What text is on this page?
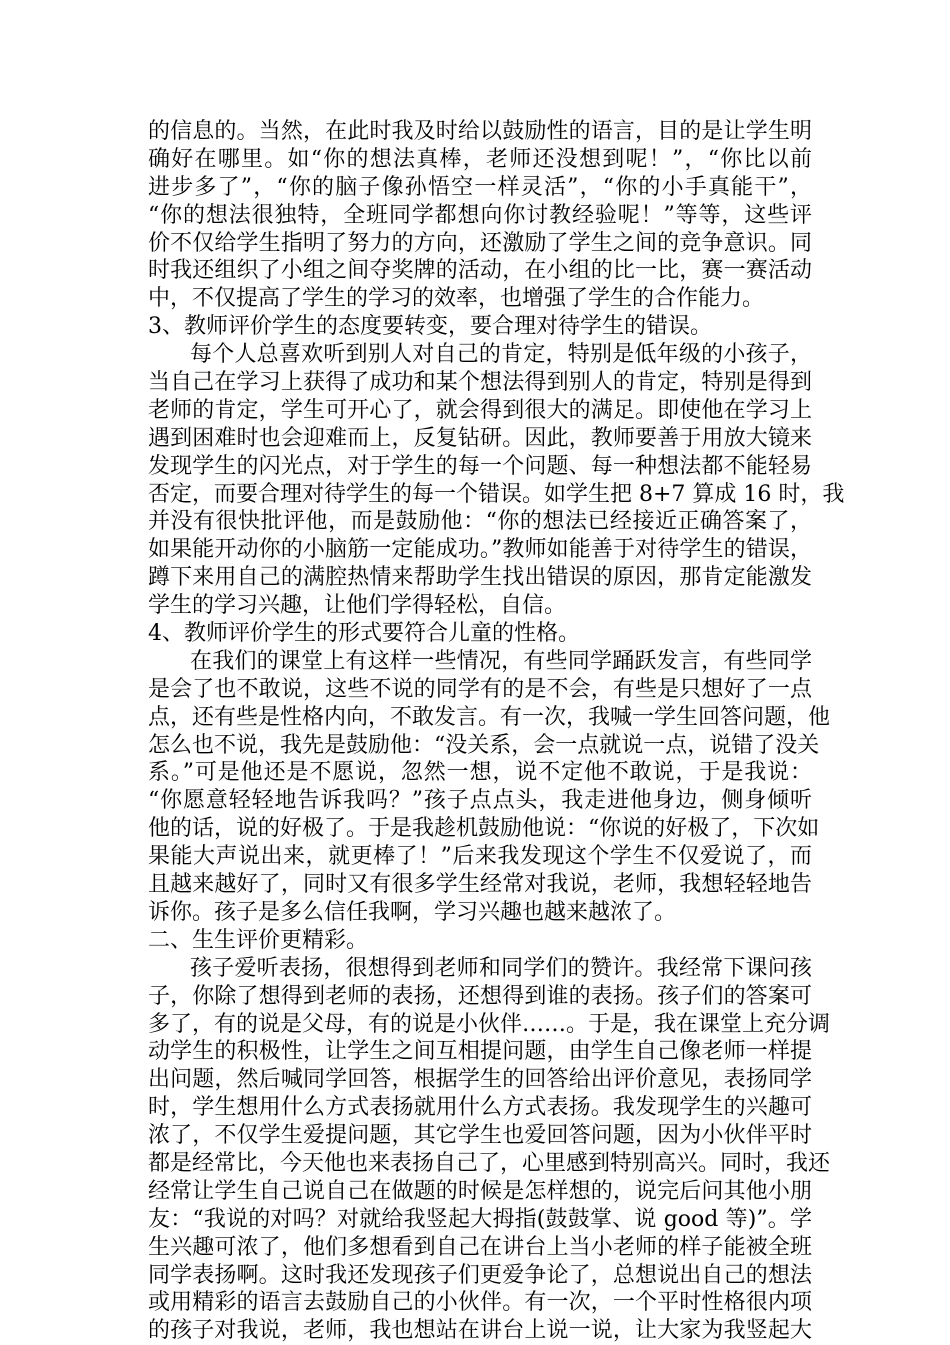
的信息的。当然，在此时我及时给以鼓励性的语言，目的是让学生明
确好在哪里。如“你的想法真棒，老师还没想到呢！”，“你比以前
进步多了”，“你的脑子像孙悟空一样灵活”，“你的小手真能干”，
“你的想法很独特，全班同学都想向你讨教经验呢！”等等，这些评
价不仅给学生指明了努力的方向，还激励了学生之间的竞争意识。同
时我还组织了小组之间夺奖牌的活动，在小组的比一比，赛一赛活动
中，不仅提高了学生的学习的效率，也增强了学生的合作能力。
3、教师评价学生的态度要转变，要合理对待学生的错误。
每个人总喜欢听到别人对自己的肯定，特别是低年级的小孩子，
当自己在学习上获得了成功和某个想法得到别人的肯定，特别是得到
老师的肯定，学生可开心了，就会得到很大的满足。即使他在学习上
遇到困难时也会迎难而上，反复钻研。因此，教师要善于用放大镜来
发现学生的闪光点，对于学生的每一个问题、每一种想法都不能轻易
否定，而要合理对待学生的每一个错误。如学生把 8+7 算成 16 时，我
并没有很快批评他，而是鼓励他：“你的想法已经接近正确答案了，
如果能开动你的小脑筋一定能成功。”教师如能善于对待学生的错误，
蹲下来用自己的满腔热情来帮助学生找出错误的原因，那肯定能激发
学生的学习兴趣，让他们学得轻松，自信。
4、教师评价学生的形式要符合儿童的性格。
在我们的课堂上有这样一些情况，有些同学踊跃发言，有些同学
是会了也不敢说，这些不说的同学有的是不会，有些是只想好了一点
点，还有些是性格内向，不敢发言。有一次，我喊一学生回答问题，他
怎么也不说，我先是鼓励他：“没关系，会一点就说一点，说错了没关
系。”可是他还是不愿说，忽然一想，说不定他不敢说，于是我说：
“你愿意轻轻地告诉我吗？”孩子点点头，我走进他身边，侧身倾听
他的话，说的好极了。于是我趁机鼓励他说：“你说的好极了，下次如
果能大声说出来，就更棒了！”后来我发现这个学生不仅爱说了，而
且越来越好了，同时又有很多学生经常对我说，老师，我想轻轻地告
诉你。孩子是多么信任我啊，学习兴趣也越来越浓了。
二、生生评价更精彩。
孩子爱听表扬，很想得到老师和同学们的赞许。我经常下课问孩
子，你除了想得到老师的表扬，还想得到谁的表扬。孩子们的答案可
多了，有的说是父母，有的说是小伙伴……。于是，我在课堂上充分调
动学生的积极性，让学生之间互相提问题，由学生自己像老师一样提
出问题，然后喊同学回答，根据学生的回答给出评价意见，表扬同学
时，学生想用什么方式表扬就用什么方式表扬。我发现学生的兴趣可
浓了，不仅学生爱提问题，其它学生也爱回答问题，因为小伙伴平时
都是经常比，今天他也来表扬自己了，心里感到特别高兴。同时，我还
经常让学生自己说自己在做题的时候是怎样想的，说完后问其他小朋
友：“我说的对吗？对就给我竖起大拇指(鼓鼓掌、说 good 等)”。学
生兴趣可浓了，他们多想看到自己在讲台上当小老师的样子能被全班
同学表扬啊。这时我还发现孩子们更爱争论了，总想说出自己的想法
或用精彩的语言去鼓励自己的小伙伴。有一次，一个平时性格很内项
的孩子对我说，老师，我也想站在讲台上说一说，让大家为我竖起大
